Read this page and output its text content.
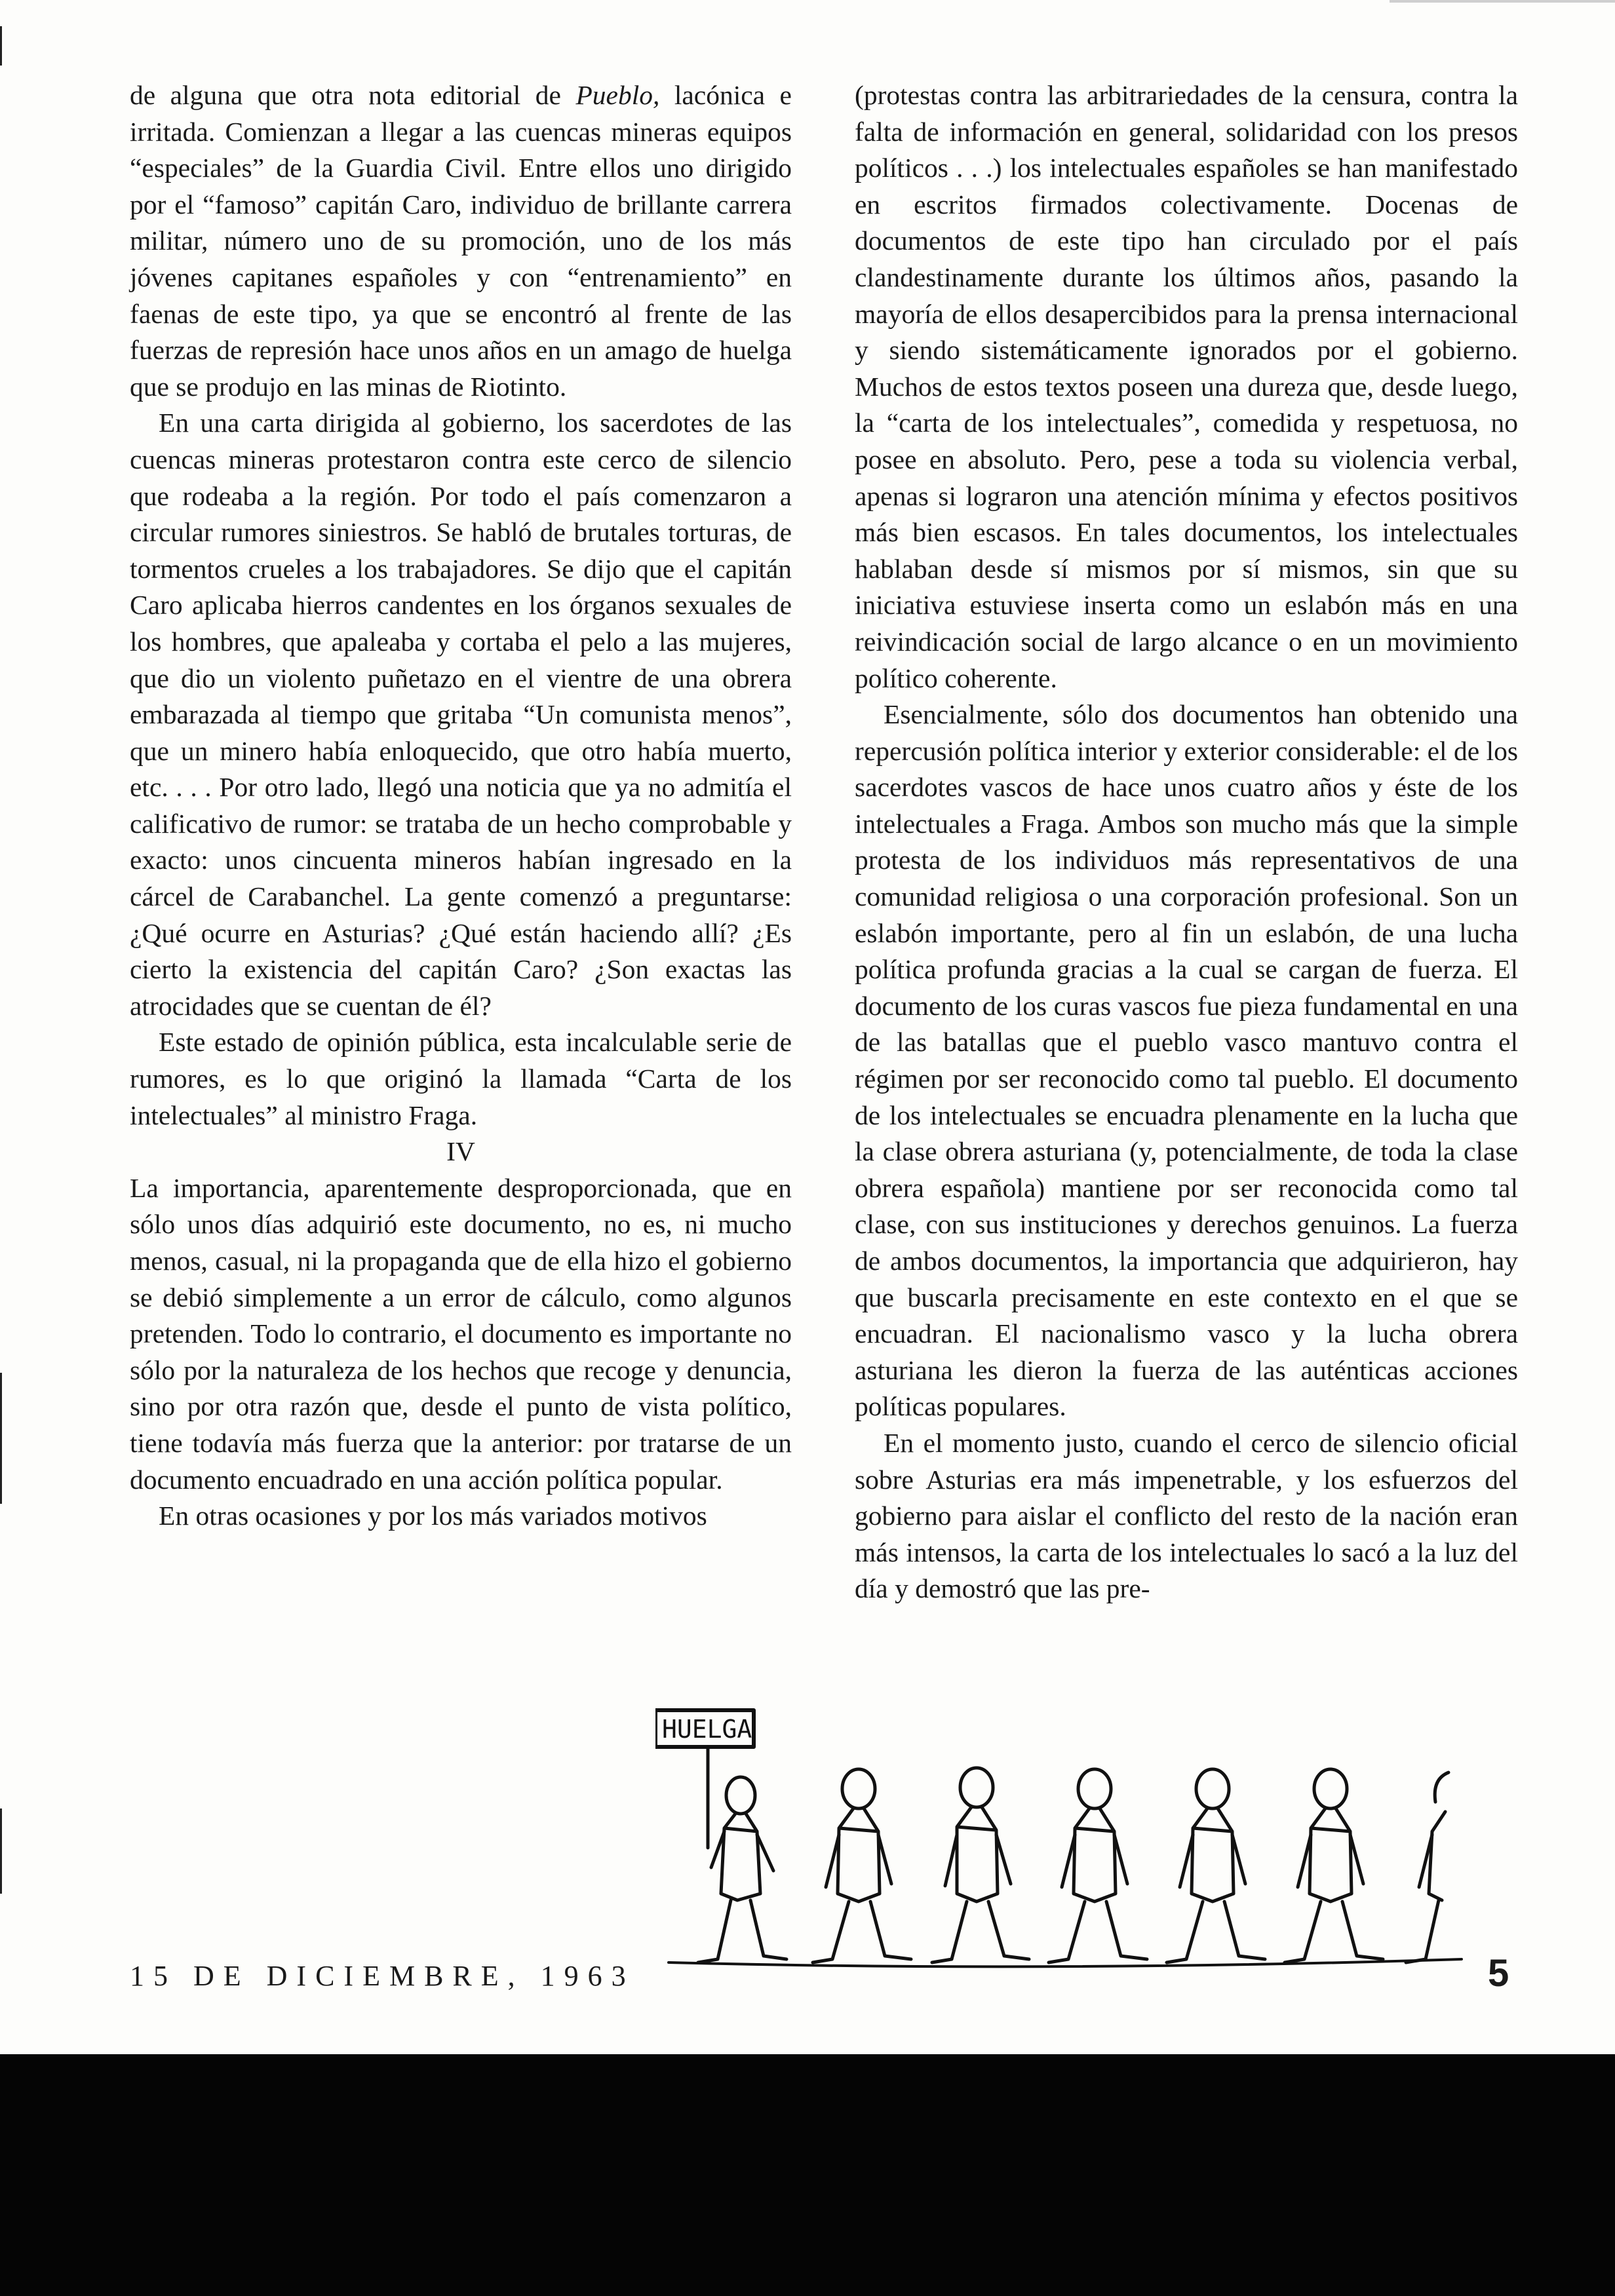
de alguna que otra nota editorial de Pueblo, lacónica e irritada. Comienzan a llegar a las cuencas mineras equipos “especiales” de la Guardia Civil. Entre ellos uno dirigido por el “famoso” capitán Caro, individuo de brillante carrera militar, número uno de su promoción, uno de los más jóvenes capitanes españoles y con “entrenamiento” en faenas de este tipo, ya que se encontró al frente de las fuerzas de represión hace unos años en un amago de huelga que se produjo en las minas de Riotinto.

En una carta dirigida al gobierno, los sacerdotes de las cuencas mineras protestaron contra este cerco de silencio que rodeaba a la región. Por todo el país comenzaron a circular rumores siniestros. Se habló de brutales torturas, de tormentos crueles a los trabajadores. Se dijo que el capitán Caro aplicaba hierros candentes en los órganos sexuales de los hombres, que apaleaba y cortaba el pelo a las mujeres, que dio un violento puñetazo en el vientre de una obrera embarazada al tiempo que gritaba “Un comunista menos”, que un minero había enloquecido, que otro había muerto, etc. . . . Por otro lado, llegó una noticia que ya no admitía el calificativo de rumor: se trataba de un hecho comprobable y exacto: unos cincuenta mineros habían ingresado en la cárcel de Carabanchel. La gente comenzó a preguntarse: ¿Qué ocurre en Asturias? ¿Qué están haciendo allí? ¿Es cierto la existencia del capitán Caro? ¿Son exactas las atrocidades que se cuentan de él?

Este estado de opinión pública, esta incalculable serie de rumores, es lo que originó la llamada “Carta de los intelectuales” al ministro Fraga.

IV

La importancia, aparentemente desproporcionada, que en sólo unos días adquirió este documento, no es, ni mucho menos, casual, ni la propaganda que de ella hizo el gobierno se debió simplemente a un error de cálculo, como algunos pretenden. Todo lo contrario, el documento es importante no sólo por la naturaleza de los hechos que recoge y denuncia, sino por otra razón que, desde el punto de vista político, tiene todavía más fuerza que la anterior: por tratarse de un documento encuadrado en una acción política popular.

En otras ocasiones y por los más variados motivos

(protestas contra las arbitrariedades de la censura, contra la falta de información en general, solidaridad con los presos políticos . . .) los intelectuales españoles se han manifestado en escritos firmados colectivamente. Docenas de documentos de este tipo han circulado por el país clandestinamente durante los últimos años, pasando la mayoría de ellos desapercibidos para la prensa internacional y siendo sistemáticamente ignorados por el gobierno. Muchos de estos textos poseen una dureza que, desde luego, la “carta de los intelectuales”, comedida y respetuosa, no posee en absoluto. Pero, pese a toda su violencia verbal, apenas si lograron una atención mínima y efectos positivos más bien escasos. En tales documentos, los intelectuales hablaban desde sí mismos por sí mismos, sin que su iniciativa estuviese inserta como un eslabón más en una reivindicación social de largo alcance o en un movimiento político coherente.

Esencialmente, sólo dos documentos han obtenido una repercusión política interior y exterior considerable: el de los sacerdotes vascos de hace unos cuatro años y éste de los intelectuales a Fraga. Ambos son mucho más que la simple protesta de los individuos más representativos de una comunidad religiosa o una corporación profesional. Son un eslabón importante, pero al fin un eslabón, de una lucha política profunda gracias a la cual se cargan de fuerza. El documento de los curas vascos fue pieza fundamental en una de las batallas que el pueblo vasco mantuvo contra el régimen por ser reconocido como tal pueblo. El documento de los intelectuales se encuadra plenamente en la lucha que la clase obrera asturiana (y, potencialmente, de toda la clase obrera española) mantiene por ser reconocida como tal clase, con sus instituciones y derechos genuinos. La fuerza de ambos documentos, la importancia que adquirieron, hay que buscarla precisamente en este contexto en el que se encuadran. El nacionalismo vasco y la lucha obrera asturiana les dieron la fuerza de las auténticas acciones políticas populares.

En el momento justo, cuando el cerco de silencio oficial sobre Asturias era más impenetrable, y los esfuerzos del gobierno para aislar el conflicto del resto de la nación eran más intensos, la carta de los intelectuales lo sacó a la luz del día y demostró que las pre-

HUELGA
15 DE DICIEMBRE, 1963	5
